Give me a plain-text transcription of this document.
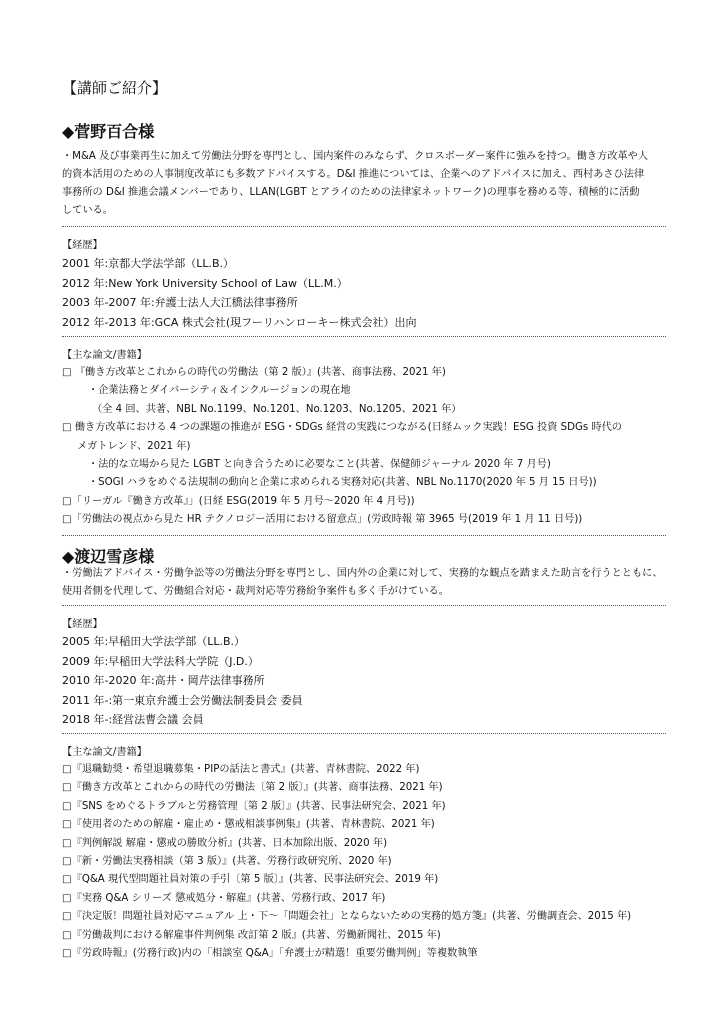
【講師ご紹介】
◆菅野百合様
・M&A 及び事業再生に加えて労働法分野を専門とし、国内案件のみならず、クロスボーダー案件に強みを持つ。働き方改革や人
的資本活用のための人事制度改革にも多数アドバイスする。D&I 推進については、企業へのアドバイスに加え、西村あさひ法律
事務所の D&I 推進会議メンバーであり、LLAN(LGBT とアライのための法律家ネットワーク)の理事を務める等、積極的に活動
している。
【経歴】
2001 年:京都大学法学部（LL.B.）
2012 年:New York University School of Law（LL.M.）
2003 年-2007 年:弁護士法人大江橋法律事務所
2012 年-2013 年:GCA 株式会社(現フーリハンローキー株式会社）出向
【主な論文/書籍】
□ 『働き方改革とこれからの時代の労働法（第 2 版）』(共著、商事法務、2021 年)
・企業法務とダイバーシティ＆インクルージョンの現在地
（全 4 回、共著、NBL No.1199、No.1201、No.1203、No.1205、2021 年）
□ 働き方改革における 4 つの課題の推進が ESG・SDGs 経営の実践につながる(日経ムック実践！ESG 投資 SDGs 時代の
メガトレンド、2021 年)
・法的な立場から見た LGBT と向き合うために必要なこと(共著、保健師ジャーナル 2020 年 7 月号)
・SOGI ハラをめぐる法規制の動向と企業に求められる実務対応(共著、NBL No.1170(2020 年 5 月 15 日号))
□「リーガル『働き方改革』」(日経 ESG(2019 年 5 月号～2020 年 4 月号))
□「労働法の視点から見た HR テクノロジー活用における留意点」(労政時報 第 3965 号(2019 年 1 月 11 日号))
◆渡辺雪彦様
・労働法アドバイス・労働争訟等の労働法分野を専門とし、国内外の企業に対して、実務的な観点を踏まえた助言を行うとともに、
使用者側を代理して、労働組合対応・裁判対応等労務紛争案件も多く手がけている。
【経歴】
2005 年:早稲田大学法学部（LL.B.）
2009 年:早稲田大学法科大学院（J.D.）
2010 年-2020 年:高井・岡芹法律事務所
2011 年-:第一東京弁護士会労働法制委員会 委員
2018 年-:経営法曹会議 会員
【主な論文/書籍】
□『退職勧奨・希望退職募集・PIPの話法と書式』(共著、青林書院、2022 年)
□『働き方改革とこれからの時代の労働法〔第 2 版〕』(共著、商事法務、2021 年)
□『SNS をめぐるトラブルと労務管理〔第 2 版〕』(共著、民事法研究会、2021 年)
□『使用者のための解雇・雇止め・懲戒相談事例集』(共著、青林書院、2021 年)
□『判例解説 解雇・懲戒の勝敗分析』(共著、日本加除出版、2020 年)
□『新・労働法実務相談（第 3 版）』(共著、労務行政研究所、2020 年)
□『Q&A 現代型問題社員対策の手引〔第 5 版〕』(共著、民事法研究会、2019 年)
□『実務 Q&A シリーズ 懲戒処分・解雇』(共著、労務行政、2017 年)
□『決定版！問題社員対応マニュアル 上・下～「問題会社」とならないための実務的処方箋』(共著、労働調査会、2015 年)
□『労働裁判における解雇事件判例集 改訂第 2 版』(共著、労働新聞社、2015 年)
□『労政時報』(労務行政)内の「相談室 Q&A」「弁護士が精選！重要労働判例」等複数執筆
